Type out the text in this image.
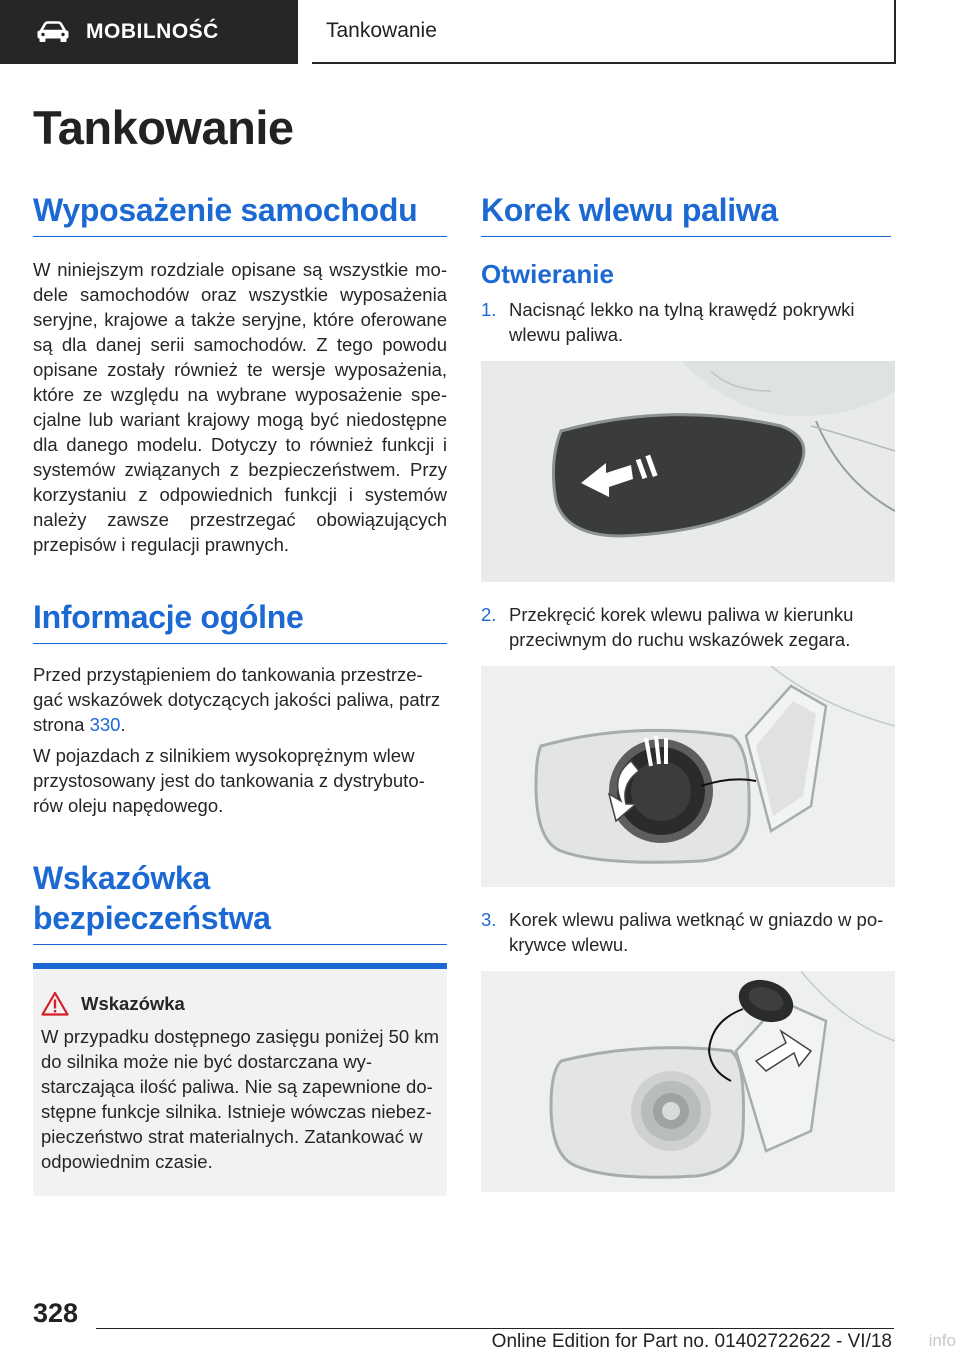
MOBILNOŚĆ	Tankowanie
Tankowanie
Wyposażenie samochodu

W niniejszym rozdziale opisane są wszystkie mo-dele samochodów oraz wszystkie wyposażenia seryjne, krajowe a także seryjne, które oferowane są dla danej serii samochodów. Z tego powodu opisane zostały również te wersje wyposażenia, które ze względu na wybrane wyposażenie spe-cjalne lub wariant krajowy mogą być niedostępne dla danego modelu. Dotyczy to również funkcji i systemów związanych z bezpieczeństwem. Przy korzystaniu z odpowiednich funkcji i systemów należy zawsze przestrzegać obowiązujących przepisów i regulacji prawnych.

Informacje ogólne

Przed przystąpieniem do tankowania przestrze-gać wskazówek dotyczących jakości paliwa, patrz strona 330.

W pojazdach z silnikiem wysokoprężnym wlew przystosowany jest do tankowania z dystrybuto-rów oleju napędowego.

Wskazówka
bezpieczeństwa
Wskazówka

W przypadku dostępnego zasięgu poniżej 50 km do silnika może nie być dostarczana wy-starczająca ilość paliwa. Nie są zapewnione do-stępne funkcje silnika. Istnieje wówczas niebez-pieczeństwo strat materialnych. Zatankować w odpowiednim czasie.

Korek wlewu paliwa
Otwieranie
1. Nacisnąć lekko na tylną krawędź pokrywki wlewu paliwa.

2. Przekręcić korek wlewu paliwa w kierunku przeciwnym do ruchu wskazówek zegara.

3. Korek wlewu paliwa wetknąć w gniazdo w po-krywce wlewu.

328
Online Edition for Part no. 01402722622 - VI/18 info
